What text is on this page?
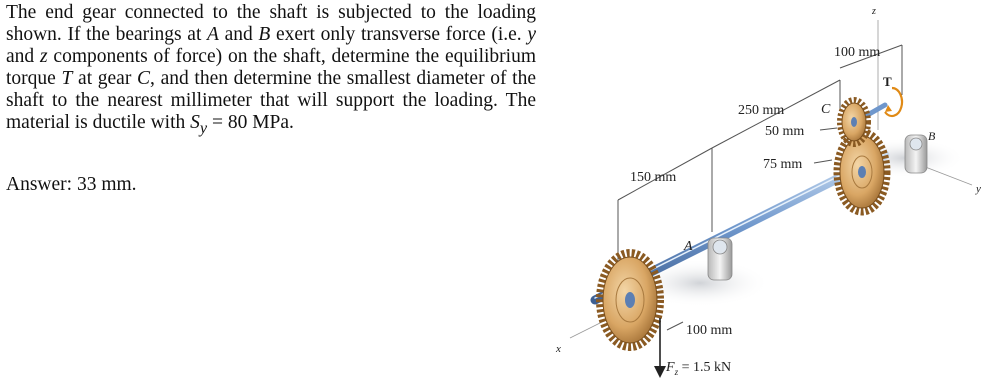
The end gear connected to the shaft is subjected to the loading shown. If the bearings at A and B exert only transverse force (i.e. y and z components of force) on the shaft, determine the equilibrium torque T at gear C, and then determine the smallest diameter of the shaft to the nearest millimeter that will support the loading. The material is ductile with $S_y = 80$ MPa.

Answer: 33 mm.
z
100 mm
T
250 mm	C
50 mm	B
75 mm
y
150 mm
A
100 mm
x
$F_z = 1.5$ kN
